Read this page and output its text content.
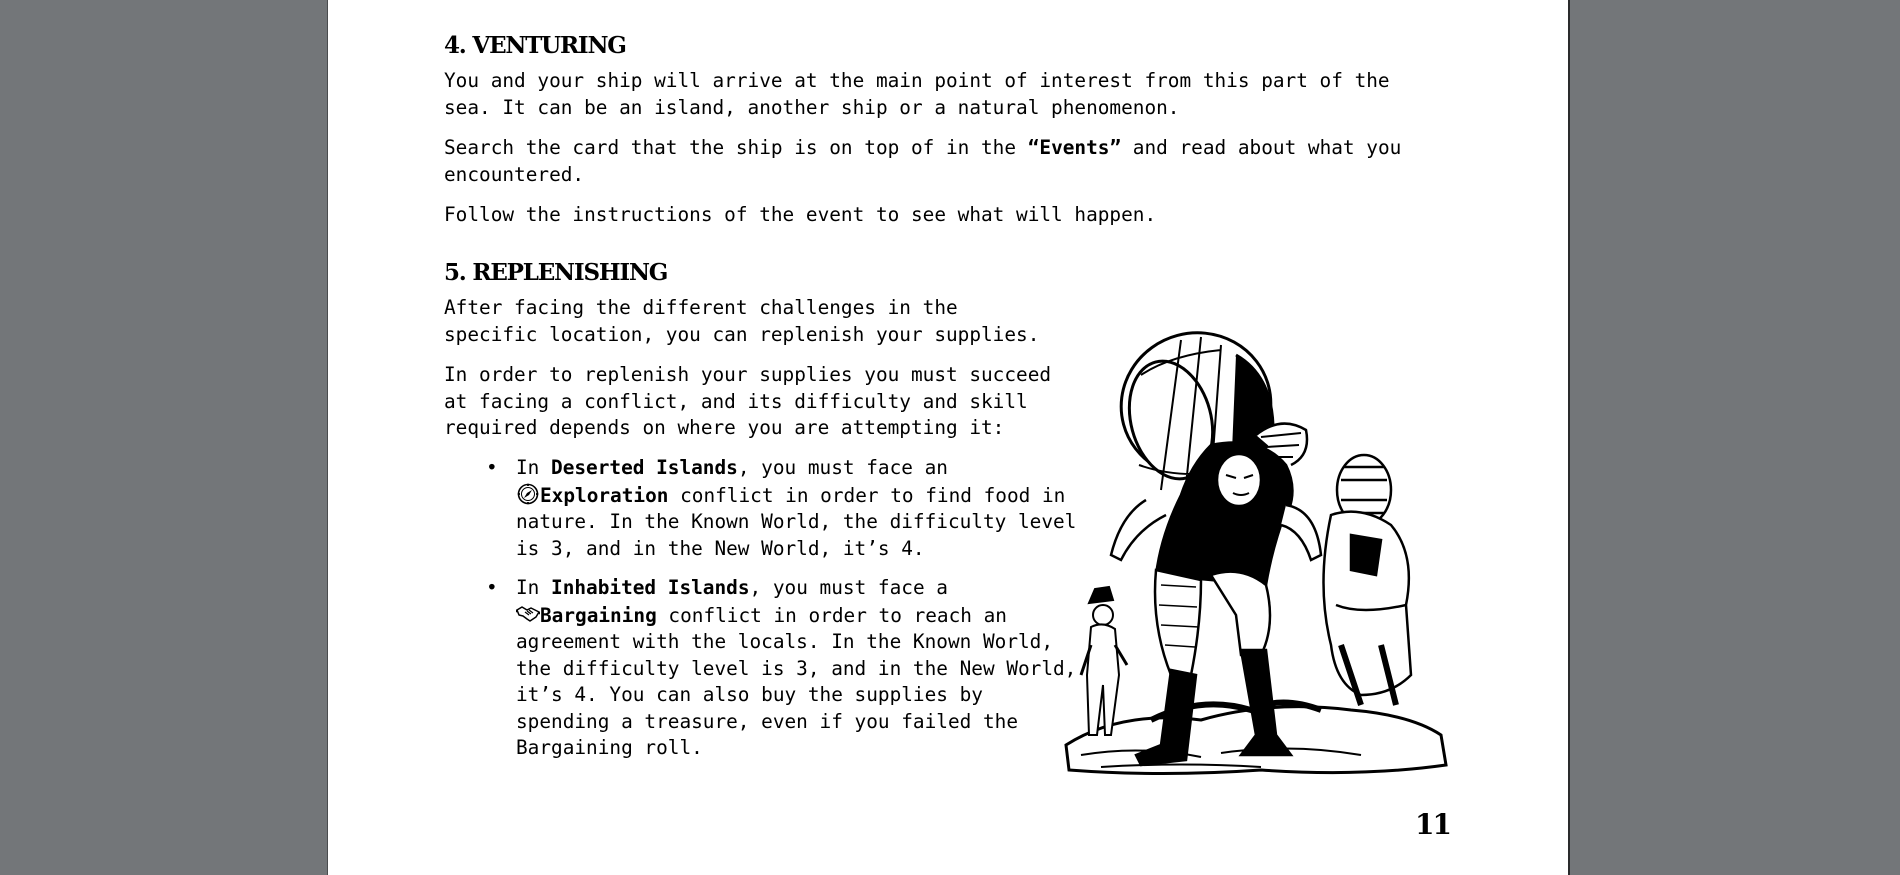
4. VENTURING
You and your ship will arrive at the main point of interest from this part of the sea. It can be an island, another ship or a natural phenomenon.
Search the card that the ship is on top of in the “Events” and read about what you encountered.
Follow the instructions of the event to see what will happen.
5. REPLENISHING
After facing the different challenges in the specific location, you can replenish your supplies.
In order to replenish your supplies you must succeed at facing a conflict, and its difficulty and skill required depends on where you are attempting it:
• In Deserted Islands, you must face an
Exploration conflict in order to find food in nature. In the Known World, the difficulty level is 3, and in the New World, it’s 4.
• In Inhabited Islands, you must face a
Bargaining conflict in order to reach an agreement with the locals. In the Known World, the difficulty level is 3, and in the New World, it’s 4. You can also buy the supplies by spending a treasure, even if you failed the Bargaining roll.
11
